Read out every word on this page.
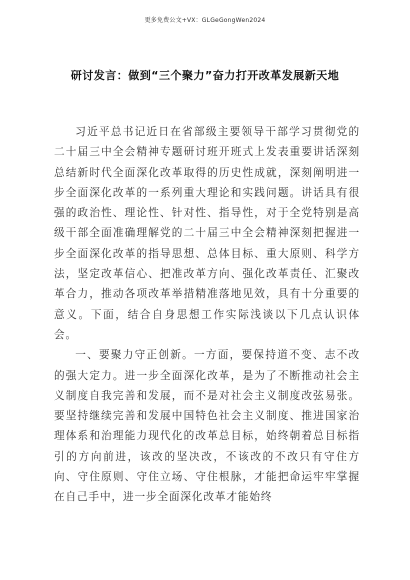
更多免费公文+VX：GLGeGongWen2024
研讨发言：做到“三个聚力”奋力打开改革发展新天地

习近平总书记近日在省部级主要领导干部学习贯彻党的二十届三中全会精神专题研讨班开班式上发表重要讲话深刻总结新时代全面深化改革取得的历史性成就，深刻阐明进一步全面深化改革的一系列重大理论和实践问题。讲话具有很强的政治性、理论性、针对性、指导性，对于全党特别是高级干部全面准确理解党的二十届三中全会精神深刻把握进一步全面深化改革的指导思想、总体目标、重大原则、科学方法，坚定改革信心、把准改革方向、强化改革责任、汇聚改革合力，推动各项改革举措精准落地见效，具有十分重要的意义。下面，结合自身思想工作实际浅谈以下几点认识体会。

一、要聚力守正创新。一方面，要保持道不变、志不改的强大定力。进一步全面深化改革，是为了不断推动社会主义制度自我完善和发展，而不是对社会主义制度改弦易张。要坚持继续完善和发展中国特色社会主义制度、推进国家治理体系和治理能力现代化的改革总目标，始终朝着总目标指引的方向前进，该改的坚决改，不该改的不改只有守住方向、守住原则、守住立场、守住根脉，才能把命运牢牢掌握在自己手中，进一步全面深化改革才能始终
